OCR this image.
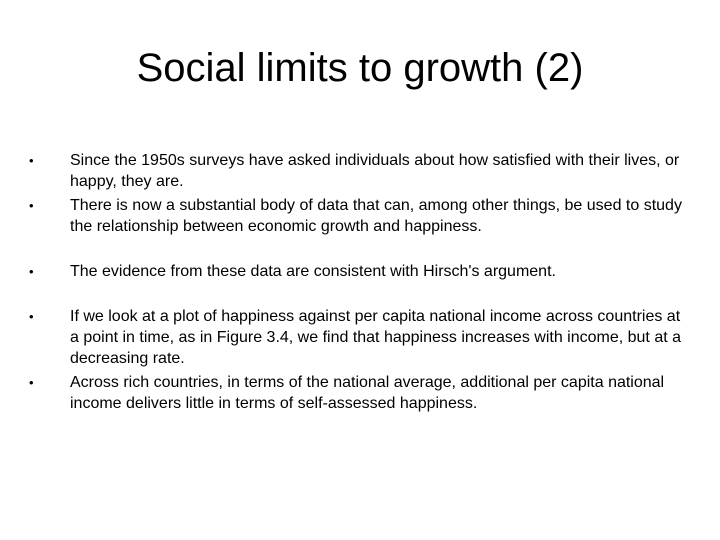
Social limits to growth (2)
•	Since the 1950s surveys have asked individuals about how satisfied with their lives, or happy, they are.
•	There is now a substantial body of data that can, among other things, be used to study the relationship between economic growth and happiness.
•	The evidence from these data are consistent with Hirsch's argument.
•	If we look at a plot of happiness against per capita national income across countries at a point in time, as in Figure 3.4, we find that happiness increases with income, but at a decreasing rate.
•	Across rich countries, in terms of the national average, additional per capita national income delivers little in terms of self-assessed happiness.
